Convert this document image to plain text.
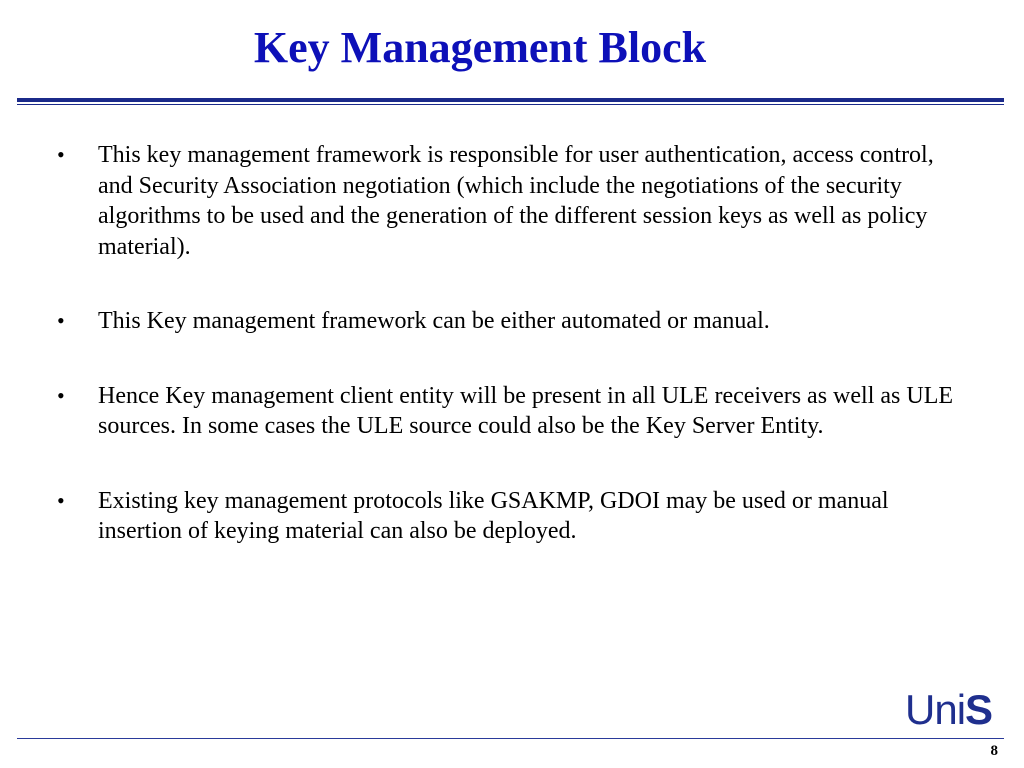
Key Management Block
• This key management framework is responsible for user authentication, access control, and Security Association negotiation (which include the negotiations of the security algorithms to be used and the generation of the different session keys as well as policy material).
• This Key management framework can be either automated or manual.
• Hence Key management client entity will be present in all ULE receivers as well as ULE sources. In some cases the ULE source could also be the Key Server Entity.
• Existing key management protocols like GSAKMP, GDOI may be used or manual insertion of keying material can also be deployed.
UniS
8
